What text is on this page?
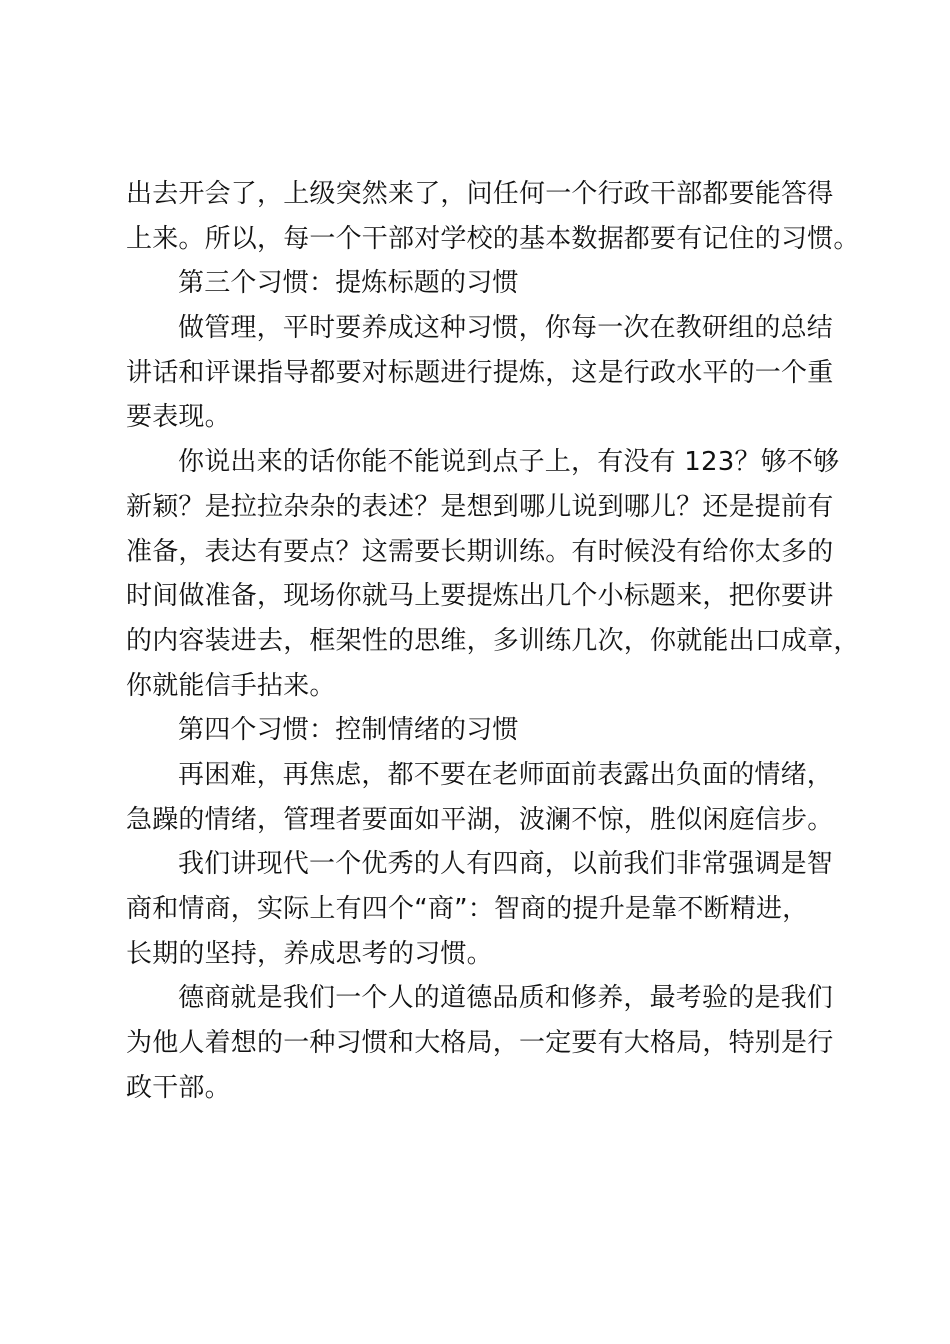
出去开会了，上级突然来了，问任何一个行政干部都要能答得
上来。所以，每一个干部对学校的基本数据都要有记住的习惯。
第三个习惯：提炼标题的习惯
做管理，平时要养成这种习惯，你每一次在教研组的总结
讲话和评课指导都要对标题进行提炼，这是行政水平的一个重
要表现。
你说出来的话你能不能说到点子上，有没有 123？够不够
新颖？是拉拉杂杂的表述？是想到哪儿说到哪儿？还是提前有
准备，表达有要点？这需要长期训练。有时候没有给你太多的
时间做准备，现场你就马上要提炼出几个小标题来，把你要讲
的内容装进去，框架性的思维，多训练几次，你就能出口成章，
你就能信手拈来。
第四个习惯：控制情绪的习惯
再困难，再焦虑，都不要在老师面前表露出负面的情绪，
急躁的情绪，管理者要面如平湖，波澜不惊，胜似闲庭信步。
我们讲现代一个优秀的人有四商，以前我们非常强调是智
商和情商，实际上有四个“商”：智商的提升是靠不断精进，
长期的坚持，养成思考的习惯。
德商就是我们一个人的道德品质和修养，最考验的是我们
为他人着想的一种习惯和大格局，一定要有大格局，特别是行
政干部。
